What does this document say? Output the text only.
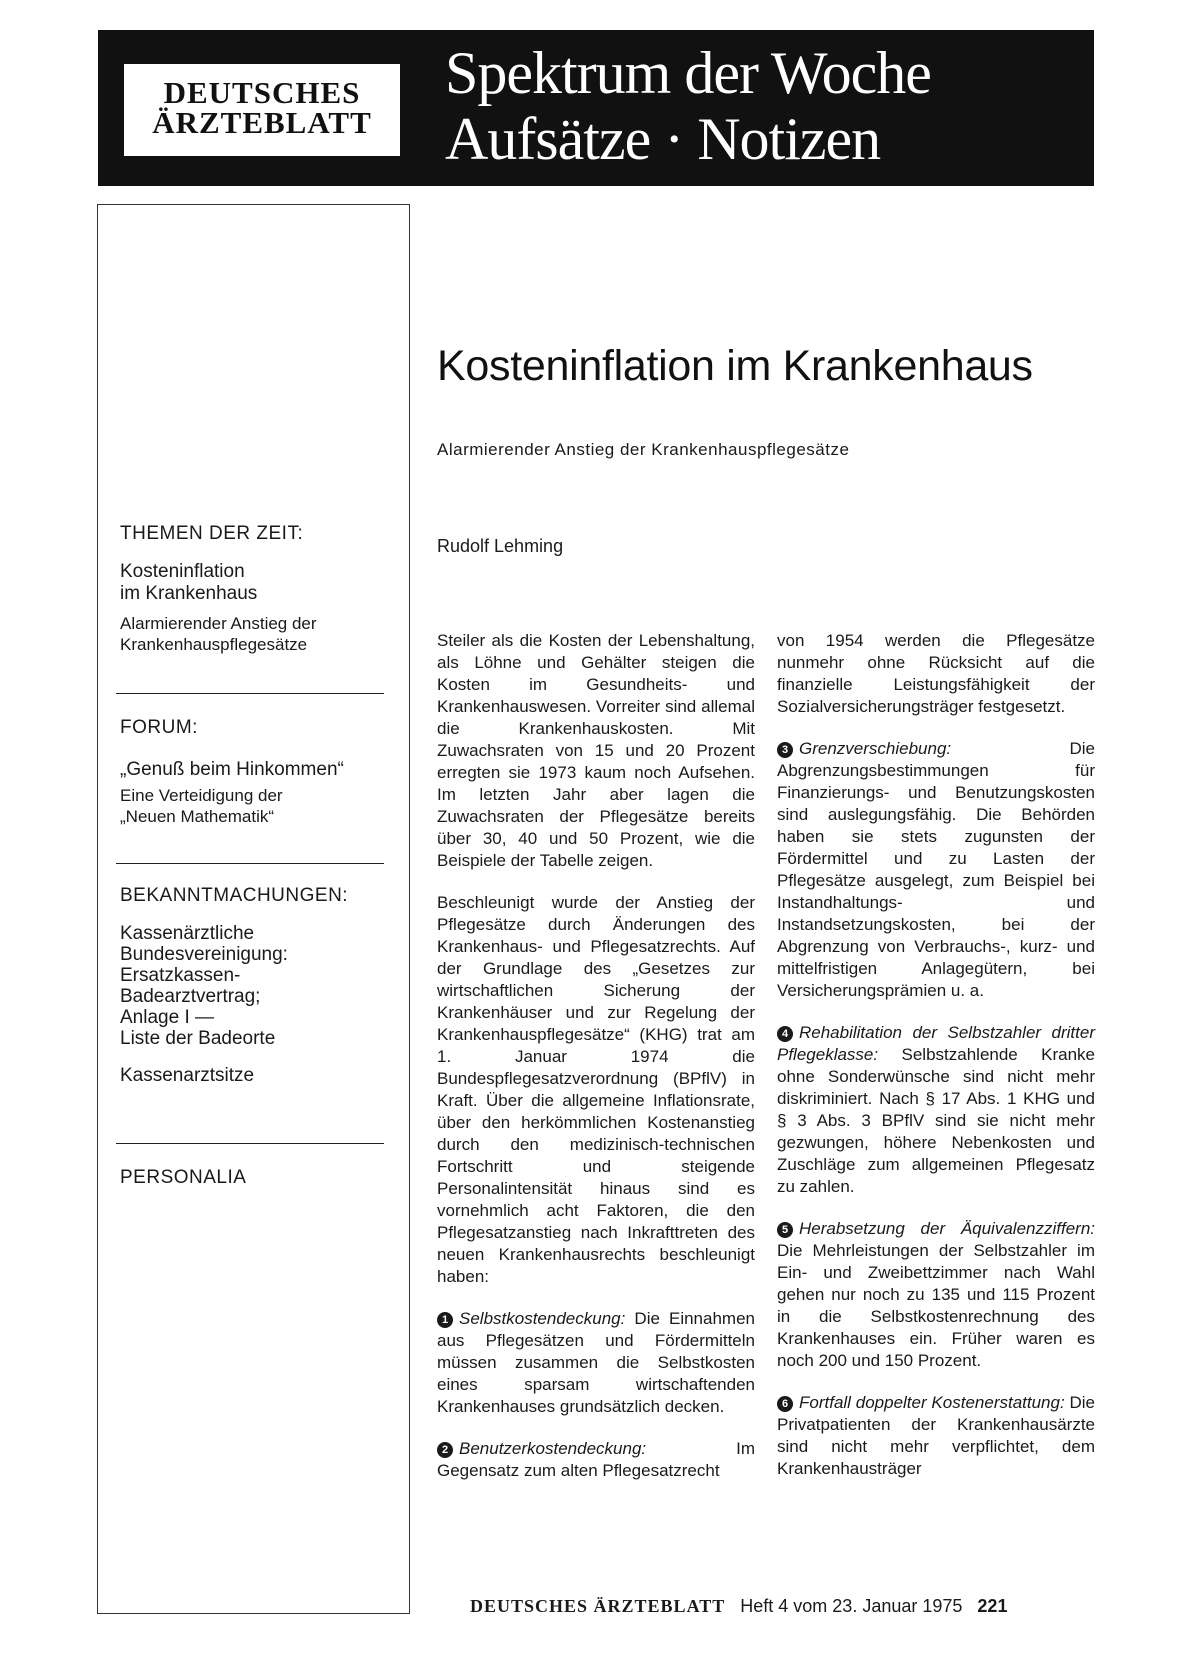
DEUTSCHES
ÄRZTEBLATT
Spektrum der Woche
Aufsätze · Notizen

THEMEN DER ZEIT:

Kosteninflation
im Krankenhaus

Alarmierender Anstieg der
Krankenhauspflegesätze

FORUM:

„Genuß beim Hinkommen“

Eine Verteidigung der
„Neuen Mathematik“

BEKANNTMACHUNGEN:

Kassenärztliche
Bundesvereinigung:
Ersatzkassen-
Badearztvertrag;
Anlage I —
Liste der Badeorte

Kassenarztsitze

PERSONALIA

Kosteninflation im Krankenhaus
Alarmierender Anstieg der Krankenhauspflegesätze
Rudolf Lehming

Steiler als die Kosten der Lebenshaltung, als Löhne und Gehälter steigen die Kosten im Gesundheits- und Krankenhauswesen. Vorreiter sind allemal die Krankenhauskosten. Mit Zuwachsraten von 15 und 20 Prozent erregten sie 1973 kaum noch Aufsehen. Im letzten Jahr aber lagen die Zuwachsraten der Pflegesätze bereits über 30, 40 und 50 Prozent, wie die Beispiele der Tabelle zeigen.

Beschleunigt wurde der Anstieg der Pflegesätze durch Änderungen des Krankenhaus- und Pflegesatzrechts. Auf der Grundlage des „Gesetzes zur wirtschaftlichen Sicherung der Krankenhäuser und zur Regelung der Krankenhauspflegesätze“ (KHG) trat am 1. Januar 1974 die Bundespflegesatzverordnung (BPflV) in Kraft. Über die allgemeine Inflationsrate, über den herkömmlichen Kostenanstieg durch den medizinisch-technischen Fortschritt und steigende Personalintensität hinaus sind es vornehmlich acht Faktoren, die den Pflegesatzanstieg nach Inkrafttreten des neuen Krankenhausrechts beschleunigt haben:

1 Selbstkostendeckung: Die Einnahmen aus Pflegesätzen und Fördermitteln müssen zusammen die Selbstkosten eines sparsam wirtschaftenden Krankenhauses grundsätzlich decken.

2 Benutzerkostendeckung: Im Gegensatz zum alten Pflegesatzrecht

von 1954 werden die Pflegesätze nunmehr ohne Rücksicht auf die finanzielle Leistungsfähigkeit der Sozialversicherungsträger festgesetzt.

3 Grenzverschiebung: Die Abgrenzungsbestimmungen für Finanzierungs- und Benutzungskosten sind auslegungsfähig. Die Behörden haben sie stets zugunsten der Fördermittel und zu Lasten der Pflegesätze ausgelegt, zum Beispiel bei Instandhaltungs- und Instandsetzungskosten, bei der Abgrenzung von Verbrauchs-, kurz- und mittelfristigen Anlagegütern, bei Versicherungsprämien u. a.

4 Rehabilitation der Selbstzahler dritter Pflegeklasse: Selbstzahlende Kranke ohne Sonderwünsche sind nicht mehr diskriminiert. Nach § 17 Abs. 1 KHG und § 3 Abs. 3 BPflV sind sie nicht mehr gezwungen, höhere Nebenkosten und Zuschläge zum allgemeinen Pflegesatz zu zahlen.

5 Herabsetzung der Äquivalenzziffern: Die Mehrleistungen der Selbstzahler im Ein- und Zweibettzimmer nach Wahl gehen nur noch zu 135 und 115 Prozent in die Selbstkostenrechnung des Krankenhauses ein. Früher waren es noch 200 und 150 Prozent.

6 Fortfall doppelter Kostenerstattung: Die Privatpatienten der Krankenhausärzte sind nicht mehr verpflichtet, dem Krankenhausträger

DEUTSCHES ÄRZTEBLATT Heft 4 vom 23. Januar 1975 221
